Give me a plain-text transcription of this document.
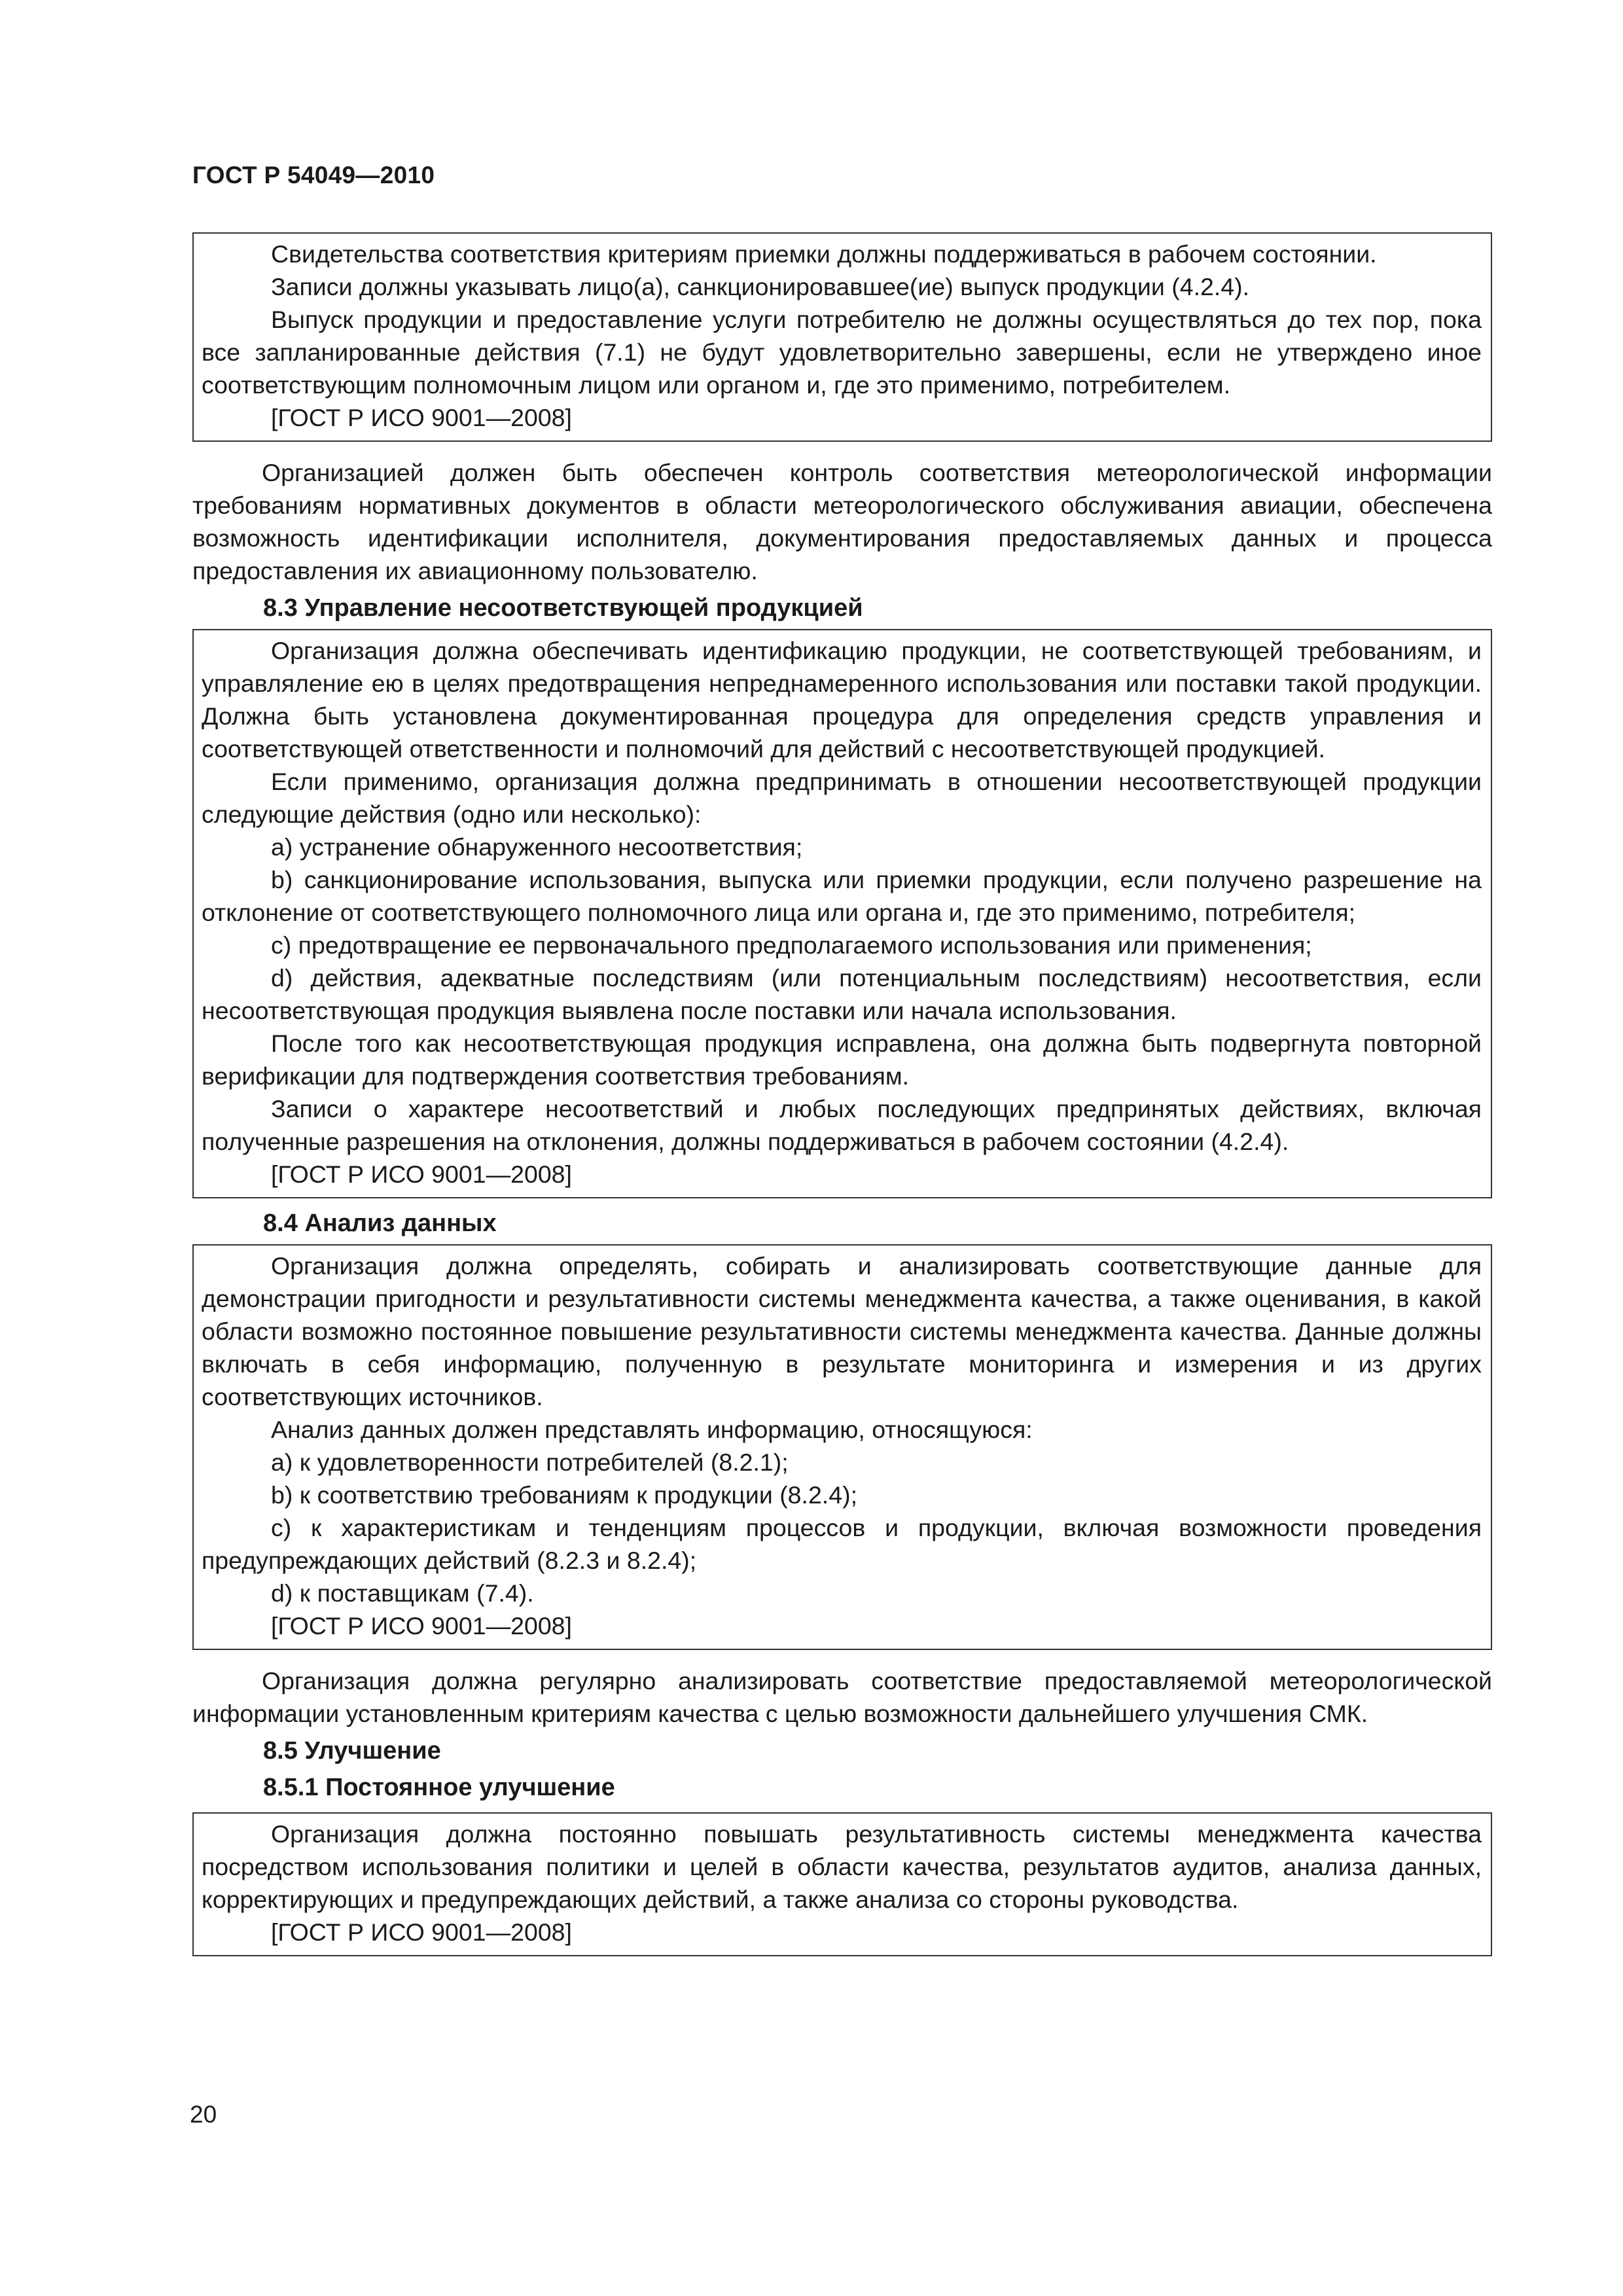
ГОСТ Р 54049—2010

Свидетельства соответствия критериям приемки должны поддерживаться в рабочем состоянии.

Записи должны указывать лицо(а), санкционировавшее(ие) выпуск продукции (4.2.4).

Выпуск продукции и предоставление услуги потребителю не должны осуществляться до тех пор, пока все запланированные действия (7.1) не будут удовлетворительно завершены, если не утверждено иное соответствующим полномочным лицом или органом и, где это применимо, потребителем.

[ГОСТ Р ИСО 9001—2008]

Организацией должен быть обеспечен контроль соответствия метеорологической информации требованиям нормативных документов в области метеорологического обслуживания авиации, обеспечена возможность идентификации исполнителя, документирования предоставляемых данных и процесса предоставления их авиационному пользователю.

8.3 Управление несоответствующей продукцией

Организация должна обеспечивать идентификацию продукции, не соответствующей требованиям, и управляление ею в целях предотвращения непреднамеренного использования или поставки такой продукции. Должна быть установлена документированная процедура для определения средств управления и соответствующей ответственности и полномочий для действий с несоответствующей продукцией.

Если применимо, организация должна предпринимать в отношении несоответствующей продукции следующие действия (одно или несколько):

a) устранение обнаруженного несоответствия;

b) санкционирование использования, выпуска или приемки продукции, если получено разрешение на отклонение от соответствующего полномочного лица или органа и, где это применимо, потребителя;

c) предотвращение ее первоначального предполагаемого использования или применения;

d) действия, адекватные последствиям (или потенциальным последствиям) несоответствия, если несоответствующая продукция выявлена после поставки или начала использования.

После того как несоответствующая продукция исправлена, она должна быть подвергнута повторной верификации для подтверждения соответствия требованиям.

Записи о характере несоответствий и любых последующих предпринятых действиях, включая полученные разрешения на отклонения, должны поддерживаться в рабочем состоянии (4.2.4).

[ГОСТ Р ИСО 9001—2008]

8.4 Анализ данных

Организация должна определять, собирать и анализировать соответствующие данные для демонстрации пригодности и результативности системы менеджмента качества, а также оценивания, в какой области возможно постоянное повышение результативности системы менеджмента качества. Данные должны включать в себя информацию, полученную в результате мониторинга и измерения и из других соответствующих источников.

Анализ данных должен представлять информацию, относящуюся:

a) к удовлетворенности потребителей (8.2.1);

b) к соответствию требованиям к продукции (8.2.4);

c) к характеристикам и тенденциям процессов и продукции, включая возможности проведения предупреждающих действий (8.2.3 и 8.2.4);

d) к поставщикам (7.4).

[ГОСТ Р ИСО 9001—2008]

Организация должна регулярно анализировать соответствие предоставляемой метеорологической информации установленным критериям качества с целью возможности дальнейшего улучшения СМК.

8.5 Улучшение

8.5.1 Постоянное улучшение

Организация должна постоянно повышать результативность системы менеджмента качества посредством использования политики и целей в области качества, результатов аудитов, анализа данных, корректирующих и предупреждающих действий, а также анализа со стороны руководства.

[ГОСТ Р ИСО 9001—2008]

20
